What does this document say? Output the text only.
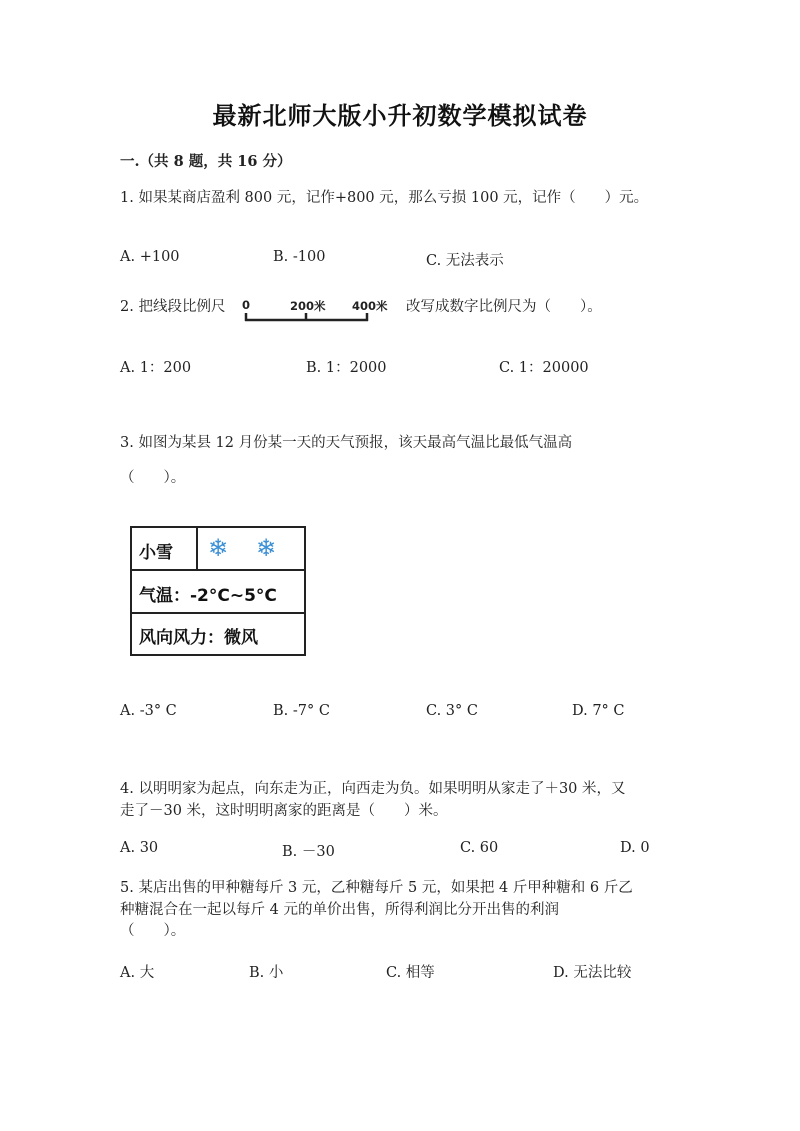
最新北师大版小升初数学模拟试卷
一.（共 8 题，共 16 分）
1. 如果某商店盈利 800 元，记作+800 元，那么亏损 100 元，记作（　　）元。
A. +100	B. -100	C. 无法表示
2. 把线段比例尺 0	200米 400米 改写成数字比例尺为（　　）。
A. 1：200	B. 1：2000	C. 1：20000
3. 如图为某县 12 月份某一天的天气预报，该天最高气温比最低气温高
（　　）。
小雪 ❄ ❄
气温：-2°C~5°C
风向风力：微风
A. -3° C	B. -7° C	C. 3° C	D. 7° C
4. 以明明家为起点，向东走为正，向西走为负。如果明明从家走了＋30 米，又
走了－30 米，这时明明离家的距离是（　　）米。
A. 30	B. －30	C. 60	D. 0
5. 某店出售的甲种糖每斤 3 元，乙种糖每斤 5 元，如果把 4 斤甲种糖和 6 斤乙
种糖混合在一起以每斤 4 元的单价出售，所得利润比分开出售的利润
（　　）。
A. 大	B. 小	C. 相等	D. 无法比较
